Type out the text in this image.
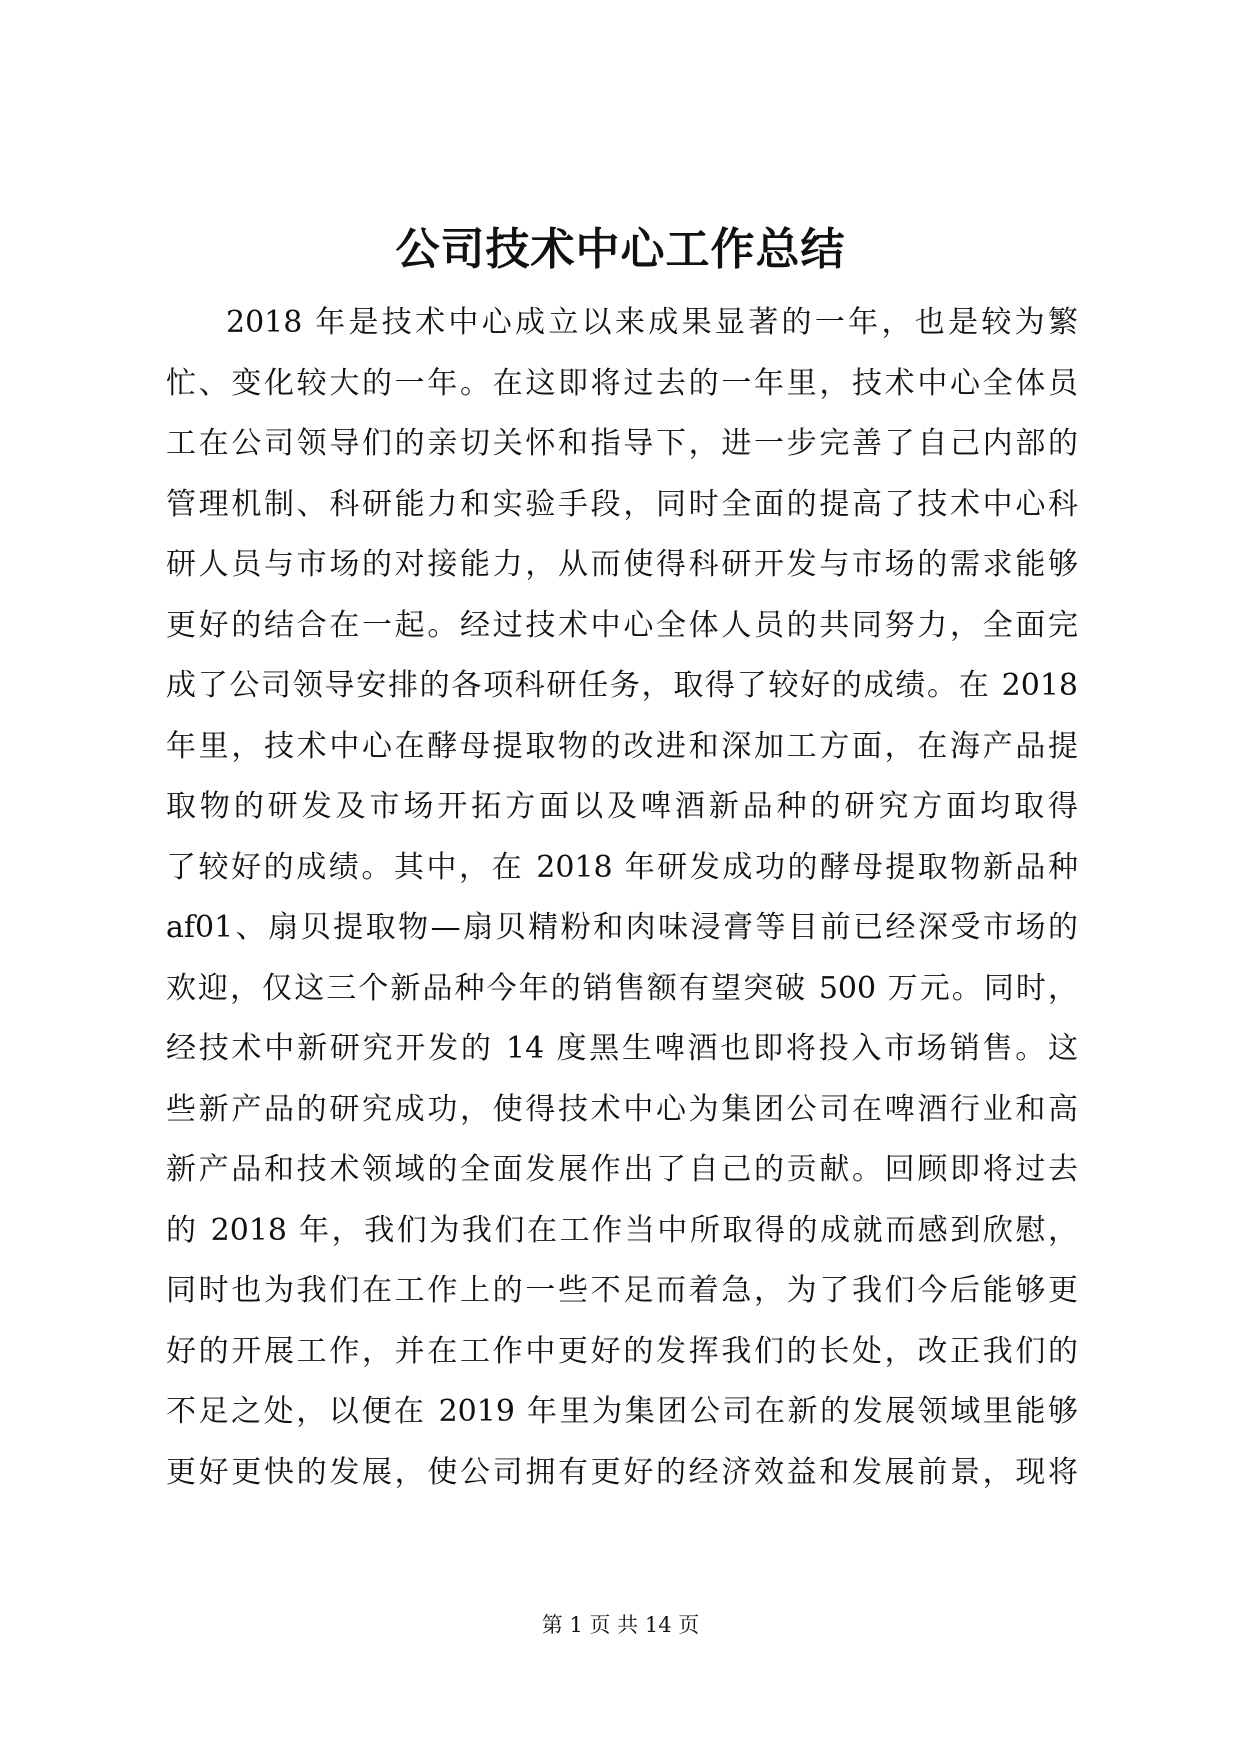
公司技术中心工作总结
2018 年是技术中心成立以来成果显著的一年，也是较为繁
忙、变化较大的一年。在这即将过去的一年里，技术中心全体员
工在公司领导们的亲切关怀和指导下，进一步完善了自己内部的
管理机制、科研能力和实验手段，同时全面的提高了技术中心科
研人员与市场的对接能力，从而使得科研开发与市场的需求能够
更好的结合在一起。经过技术中心全体人员的共同努力，全面完
成了公司领导安排的各项科研任务，取得了较好的成绩。在 2018
年里，技术中心在酵母提取物的改进和深加工方面，在海产品提
取物的研发及市场开拓方面以及啤酒新品种的研究方面均取得
了较好的成绩。其中，在 2018 年研发成功的酵母提取物新品种
af01、扇贝提取物—扇贝精粉和肉味浸膏等目前已经深受市场的
欢迎，仅这三个新品种今年的销售额有望突破 500 万元。同时，
经技术中新研究开发的 14 度黑生啤酒也即将投入市场销售。这
些新产品的研究成功，使得技术中心为集团公司在啤酒行业和高
新产品和技术领域的全面发展作出了自己的贡献。回顾即将过去
的 2018 年，我们为我们在工作当中所取得的成就而感到欣慰，
同时也为我们在工作上的一些不足而着急，为了我们今后能够更
好的开展工作，并在工作中更好的发挥我们的长处，改正我们的
不足之处，以便在 2019 年里为集团公司在新的发展领域里能够
更好更快的发展，使公司拥有更好的经济效益和发展前景，现将
第 1 页 共 14 页
